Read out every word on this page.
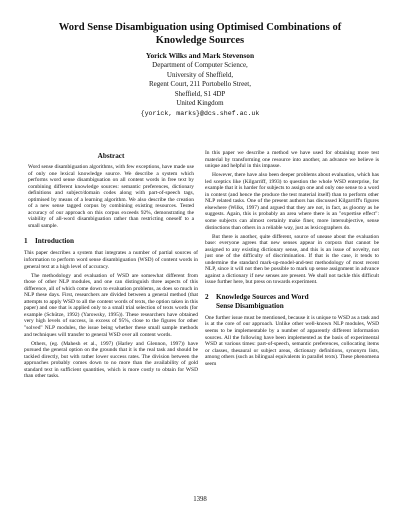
Word Sense Disambiguation using Optimised Combinations of
Knowledge Sources
Yorick Wilks and Mark Stevenson
Department of Computer Science,
University of Sheffield,
Regent Court, 211 Portobello Street,
Sheffield, S1 4DP
United Kingdom
{yorick, marks}@dcs.shef.ac.uk
Abstract

Word sense disambiguation algorithms, with few exceptions, have made use of only one lexical knowledge source. We describe a system which performs word sense disambiguation on all content words in free text by combining different knowledge sources: semantic preferences, dictionary definitions and subject/domain codes along with part-of-speech tags, optimised by means of a learning algorithm. We also describe the creation of a new sense tagged corpus by combining existing resources. Tested accuracy of our approach on this corpus exceeds 92%, demonstrating the viability of all-word disambiguation rather than restricting oneself to a small sample.

1	Introduction

This paper describes a system that integrates a number of partial sources of information to perform word sense disambiguation (WSD) of content words in general text at a high level of accuracy.

The methodology and evaluation of WSD are somewhat different from those of other NLP modules, and one can distinguish three aspects of this difference, all of which come down to evaluation problems, as does so much in NLP these days. First, researchers are divided between a general method (that attempts to apply WSD to all the content words of texts, the option taken in this paper) and one that is applied only to a small trial selection of texts words (for example (Schütze, 1992) (Yarowsky, 1995)). These researchers have obtained very high levels of success, in excess of 95%, close to the figures for other "solved" NLP modules, the issue being whether these small sample methods and techniques will transfer to general WSD over all content words.

Others, (eg. (Mahesh et al., 1997) (Harley and Glennon, 1997)) have pursued the general option on the grounds that it is the real task and should be tackled directly, but with rather lower success rates. The division between the approaches probably comes down to no more than the availability of gold standard text in sufficient quantities, which is more costly to obtain for WSD than other tasks.

In this paper we describe a method we have used for obtaining more test material by transforming one resource into another, an advance we believe is unique and helpful in this impasse.

However, there have also been deeper problems about evaluation, which has led sceptics like (Kilgarriff, 1993) to question the whole WSD enterprise, for example that it is harder for subjects to assign one and only one sense to a word in context (and hence the produce the test material itself) than to perform other NLP related tasks. One of the present authors has discussed Kilgarriff's figures elsewhere (Wilks, 1997) and argued that they are not, in fact, as gloomy as he suggests. Again, this is probably an area where there is an "expertise effect": some subjects can almost certainly make finer, more intersubjective, sense distinctions than others in a reliable way, just as lexicographers do.

But there is another, quite different, source of unease about the evaluation base: everyone agrees that new senses appear in corpora that cannot be assigned to any existing dictionary sense, and this is an issue of novelty, not just one of the difficulty of discrimination. If that is the case, it tends to undermine the standard mark-up-model-and-test methodology of most recent NLP, since it will not then be possible to mark up sense assignment in advance against a dictionary if new senses are present. We shall not tackle this difficult issue further here, but press on towards experiment.

2	Knowledge Sources and Word
Sense Disambiguation

One further issue must be mentioned, because it is unique to WSD as a task and is at the core of our approach. Unlike other well-known NLP modules, WSD seems to be implementable by a number of apparently different information sources. All the following have been implemented as the basis of experimental WSD at various times: part-of-speech, semantic preferences, collocating items or classes, thesaural or subject areas, dictionary definitions, synonym lists, among others (such as bilingual equivalents in parallel texts). These phenomena seem

1398
